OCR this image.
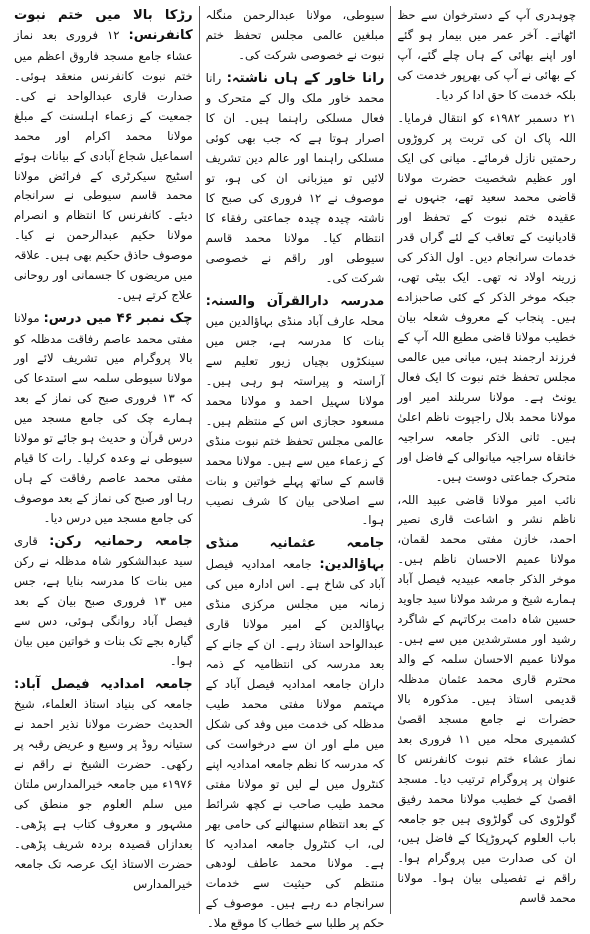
چوہدری آپ کے دسترخوان سے حظ اٹھاتے۔ آخر عمر میں بیمار ہو گئے اور اپنے بھائی کے ہاں چلے گئے، آپ کے بھائی نے آپ کی بھرپور خدمت کی بلکہ خدمت کا حق ادا کر دیا۔
۲۱ دسمبر ۱۹۸۲ء کو انتقال فرمایا۔ اللہ پاک ان کی تربت پر کروڑوں رحمتیں نازل فرمائے۔ میانی کی ایک اور عظیم شخصیت حضرت مولانا قاضی محمد سعید تھے، جنہوں نے عقیدہ ختم نبوت کے تحفظ اور قادیانیت کے تعاقب کے لئے گراں قدر خدمات سرانجام دیں۔ اول الذکر کی زرینہ اولاد نہ تھی۔ ایک بیٹی تھی، جبکہ موخر الذکر کے کئی صاحبزادے ہیں۔ پنجاب کے معروف شعلہ بیان خطیب مولانا قاضی مطیع اللہ آپ کے فرزند ارجمند ہیں، میانی میں عالمی مجلس تحفظ ختم نبوت کا ایک فعال یونٹ ہے۔ مولانا سربلند امیر اور مولانا محمد بلال راجپوت ناظم اعلیٰ ہیں۔ ثانی الذکر جامعہ سراجیہ خانقاہ سراجیہ میانوالی کے فاضل اور متحرک جماعتی دوست ہیں۔
نائب امیر مولانا قاضی عبید اللہ، ناظم نشر و اشاعت قاری نصیر احمد، خازن مفتی محمد لقمان، مولانا عمیم الاحسان ناظم ہیں۔ موخر الذکر جامعہ عبیدیہ فیصل آباد ہمارے شیخ و مرشد مولانا سید جاوید حسین شاہ دامت برکاتہم کے شاگرد رشید اور مسترشدین میں سے ہیں۔ مولانا عمیم الاحسان سلمہ کے والد محترم قاری محمد عثمان مدظلہ قدیمی استاذ ہیں۔ مذکورہ بالا حضرات نے جامع مسجد اقصیٰ کشمیری محلہ میں ۱۱ فروری بعد نماز عشاء ختم نبوت کانفرنس کا عنوان پر پروگرام ترتیب دیا۔ مسجد اقصیٰ کے خطیب مولانا محمد رفیق گولڑوی کی گولڑوی ہیں جو جامعہ باب العلوم کہروڑپکا کے فاضل ہیں، ان کی صدارت میں پروگرام ہوا۔ راقم نے تفصیلی بیان ہوا۔ مولانا محمد قاسم
سیوطی، مولانا عبدالرحمن منگلہ مبلغین عالمی مجلس تحفظ ختم نبوت نے خصوصی شرکت کی۔
رانا خاور کے ہاں ناشتہ: رانا محمد خاور ملک وال کے متحرک و فعال مسلکی راہنما ہیں۔ ان کا اصرار ہوتا ہے کہ جب بھی کوئی مسلکی راہنما اور عالم دین تشریف لائیں تو میزبانی ان کی ہو، تو موصوف نے ۱۲ فروری کی صبح کا ناشتہ چیدہ چیدہ جماعتی رفقاء کا انتظام کیا۔ مولانا محمد قاسم سیوطی اور راقم نے خصوصی شرکت کی۔
مدرسہ دارالقرآن والسنہ: محلہ عارف آباد منڈی بہاؤالدین میں بنات کا مدرسہ ہے، جس میں سینکڑوں بچیاں زیور تعلیم سے آراستہ و پیراستہ ہو رہی ہیں۔ مولانا سہیل احمد و مولانا محمد مسعود حجازی اس کے منتظم ہیں۔ عالمی مجلس تحفظ ختم نبوت منڈی کے زعماء میں سے ہیں۔ مولانا محمد قاسم کے ساتھ پہلے خواتین و بنات سے اصلاحی بیان کا شرف نصیب ہوا۔
جامعہ عثمانیہ منڈی بہاؤالدین: جامعہ امدادیہ فیصل آباد کی شاخ ہے۔ اس ادارہ میں کی زمانہ میں مجلس مرکزی منڈی بہاؤالدین کے امیر مولانا قاری عبدالواحد استاذ رہے۔ ان کے جانے کے بعد مدرسہ کی انتظامیہ کے ذمہ داران جامعہ امدادیہ فیصل آباد کے مہتمم مولانا مفتی محمد طیب مدظلہ کی خدمت میں وفد کی شکل میں ملے اور ان سے درخواست کی کہ مدرسہ کا نظم جامعہ امدادیہ اپنے کنٹرول میں لے لیں تو مولانا مفتی محمد طیب صاحب نے کچھ شرائط کے بعد انتظام سنبھالنے کی حامی بھر لی، اب کنٹرول جامعہ امدادیہ کا ہے۔ مولانا محمد عاطف لودھی منتظم کی حیثیت سے خدمات سرانجام دے رہے ہیں۔ موصوف کے حکم پر طلبا سے خطاب کا موقع ملا۔
رڑکا بالا میں ختم نبوت کانفرنس: ۱۲ فروری بعد نماز عشاء جامع مسجد فاروق اعظم میں ختم نبوت کانفرنس منعقد ہوئی۔ صدارت قاری عبدالواحد نے کی۔ جمعیت کے زعماء اہلسنت کے مبلغ مولانا محمد اکرام اور محمد اسماعیل شجاع آبادی کے بیانات ہوئے اسٹیج سیکرٹری کے فرائض مولانا محمد قاسم سیوطی نے سرانجام دیئے۔ کانفرنس کا انتظام و انصرام مولانا حکیم عبدالرحمن نے کیا۔ موصوف حاذق حکیم بھی ہیں۔ علاقہ میں مریضوں کا جسمانی اور روحانی علاج کرتے ہیں۔
چک نمبر ۴۶ میں درس: مولانا مفتی محمد عاصم رفاقت مدظلہ کو بالا پروگرام میں تشریف لائے اور مولانا سیوطی سلمہ سے استدعا کی کہ ۱۳ فروری صبح کی نماز کے بعد ہمارے چک کی جامع مسجد میں درس قرآن و حدیث ہو جائے تو مولانا سیوطی نے وعدہ کرلیا۔ رات کا قیام مفتی محمد عاصم رفاقت کے ہاں رہا اور صبح کی نماز کے بعد موصوف کی جامع مسجد میں درس دیا۔
جامعہ رحمانیہ رکن: قاری سید عبدالشکور شاہ مدظلہ نے رکن میں بنات کا مدرسہ بنایا ہے، جس میں ۱۳ فروری صبح بیان کے بعد فیصل آباد روانگی ہوئی، دس سے گیارہ بجے تک بنات و خواتین میں بیان ہوا۔
جامعہ امدادیہ فیصل آباد: جامعہ کی بنیاد استاذ العلماء، شیخ الحدیث حضرت مولانا نذیر احمد نے ستیانہ روڈ پر وسیع و عریض رقبہ پر رکھی۔ حضرت الشیخ نے راقم نے ۱۹۷۶ء میں جامعہ خیرالمدارس ملتان میں سلم العلوم جو منطق کی مشہور و معروف کتاب ہے پڑھی۔ بعدازاں قصیدہ بردہ شریف پڑھی۔ حضرت الاستاذ ایک عرصہ تک جامعہ خیرالمدارس
